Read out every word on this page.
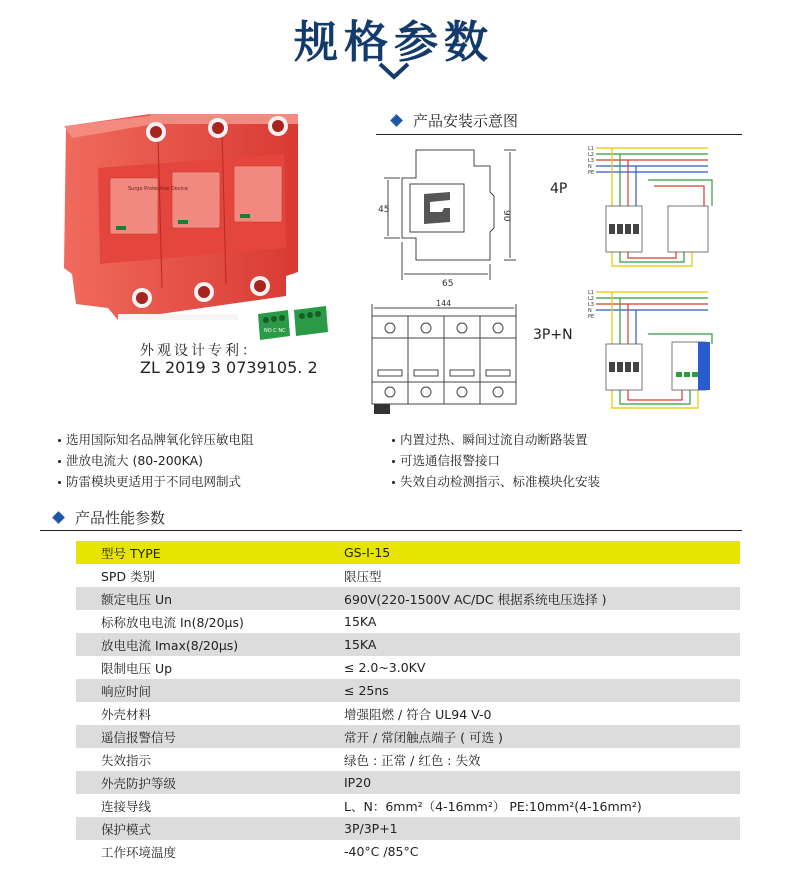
规格参数
Surge Protective Device
NO C NC
外观设计专利：
ZL 2019 3 0739105. 2
产品安装示意图
45	90
65
144
4P
3P+N
L1
L2
L3
N
PE
L1
L2
L3
N
PE
选用国际知名品牌氧化锌压敏电阻
泄放电流大 (80-200KA)
防雷模块更适用于不同电网制式
内置过热、瞬间过流自动断路装置
可选通信报警接口
失效自动检测指示、标准模块化安装
产品性能参数
型号 TYPE	GS-I-15
SPD 类别	限压型
额定电压 Un	690V(220-1500V AC/DC 根据系统电压选择 )
标称放电电流 In(8/20µs)	15KA
放电电流 Imax(8/20µs)	15KA
限制电压 Up	≤ 2.0~3.0KV
响应时间	≤ 25ns
外壳材料	增强阻燃 / 符合 UL94 V-0
遥信报警信号	常开 / 常闭触点端子 ( 可选 )
失效指示	绿色 : 正常 / 红色 : 失效
外壳防护等级	IP20
连接导线	L、N：6mm²（4-16mm²） PE:10mm²(4-16mm²)
保护模式	3P/3P+1
工作环境温度	-40°C /85°C
